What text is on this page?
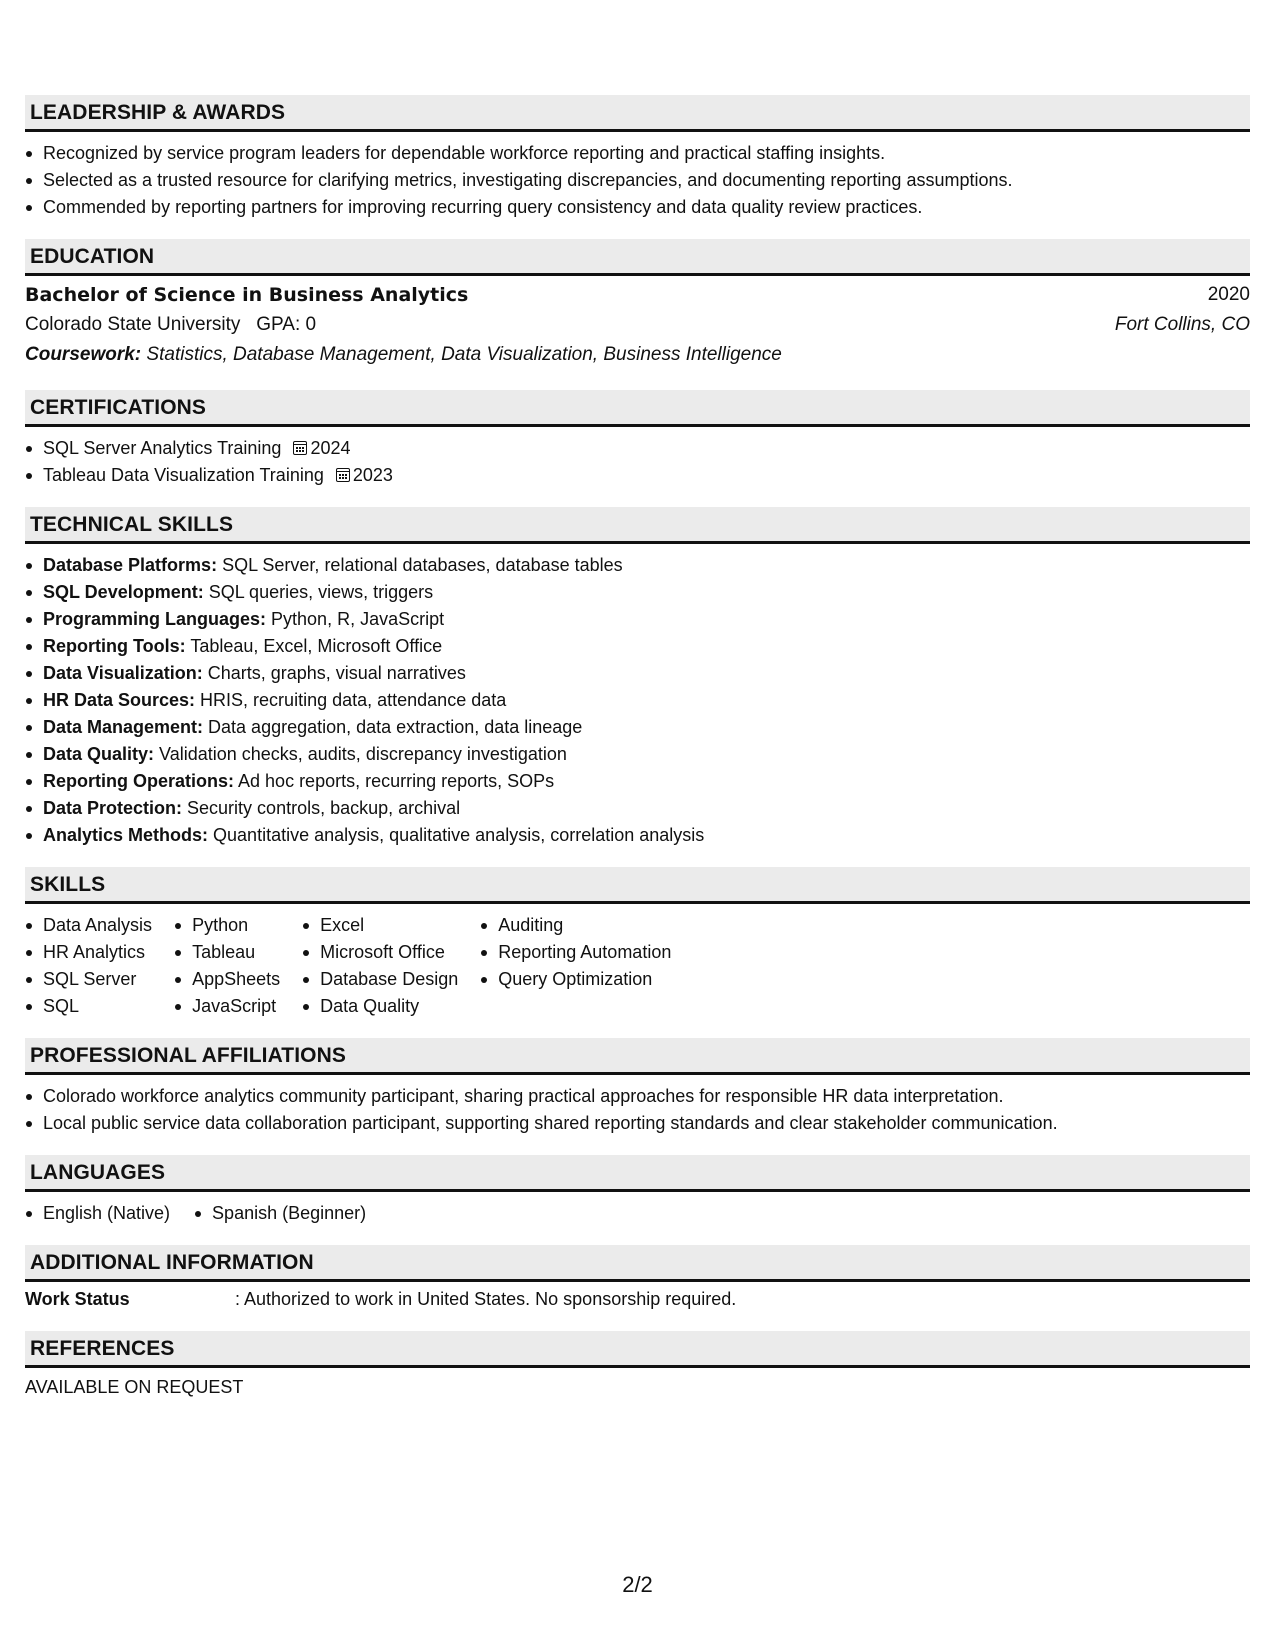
LEADERSHIP & AWARDS
Recognized by service program leaders for dependable workforce reporting and practical staffing insights.
Selected as a trusted resource for clarifying metrics, investigating discrepancies, and documenting reporting assumptions.
Commended by reporting partners for improving recurring query consistency and data quality review practices.
EDUCATION
Bachelor of Science in Business Analytics	2020
Colorado State University   GPA: 0	Fort Collins, CO
Coursework: Statistics, Database Management, Data Visualization, Business Intelligence
CERTIFICATIONS
SQL Server Analytics Training 2024
Tableau Data Visualization Training 2023
TECHNICAL SKILLS
Database Platforms: SQL Server, relational databases, database tables
SQL Development: SQL queries, views, triggers
Programming Languages: Python, R, JavaScript
Reporting Tools: Tableau, Excel, Microsoft Office
Data Visualization: Charts, graphs, visual narratives
HR Data Sources: HRIS, recruiting data, attendance data
Data Management: Data aggregation, data extraction, data lineage
Data Quality: Validation checks, audits, discrepancy investigation
Reporting Operations: Ad hoc reports, recurring reports, SOPs
Data Protection: Security controls, backup, archival
Analytics Methods: Quantitative analysis, qualitative analysis, correlation analysis
SKILLS
Data Analysis
HR Analytics
SQL Server
SQL
Python
Tableau
AppSheets
JavaScript
Excel
Microsoft Office
Database Design
Data Quality
Auditing
Reporting Automation
Query Optimization
PROFESSIONAL AFFILIATIONS
Colorado workforce analytics community participant, sharing practical approaches for responsible HR data interpretation.
Local public service data collaboration participant, supporting shared reporting standards and clear stakeholder communication.
LANGUAGES
English (Native)	Spanish (Beginner)
ADDITIONAL INFORMATION
Work Status	: Authorized to work in United States. No sponsorship required.
REFERENCES
AVAILABLE ON REQUEST
2/2
